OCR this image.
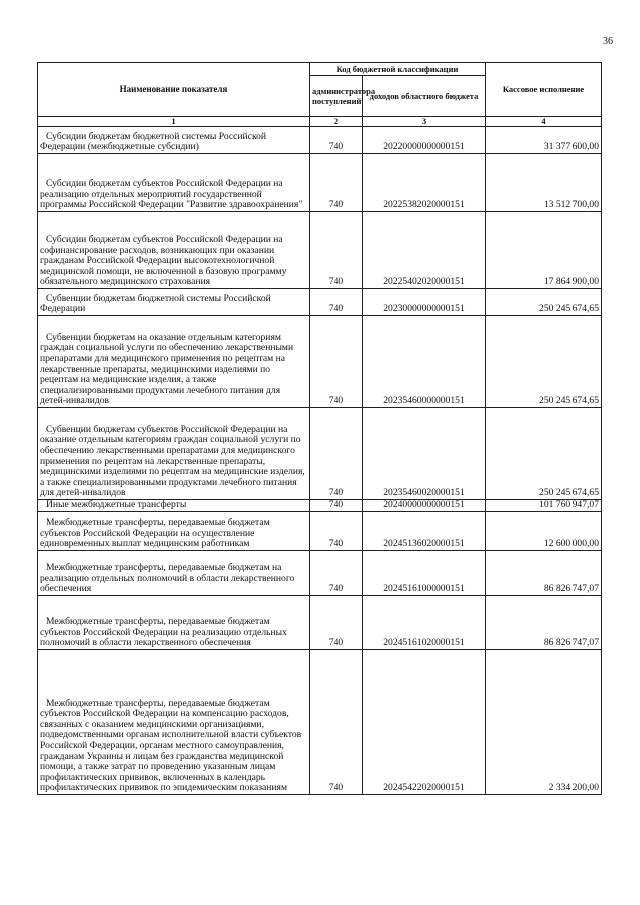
36
Наименование показателя	Код бюджетной классификации		Кассовое исполнение
	администратора поступлений	доходов областного бюджета	
1	2	3	4
Субсидии бюджетам бюджетной системы Российской Федерации (межбюджетные субсидии)	740	20220000000000151	31 377 600,00
Субсидии бюджетам субъектов Российской Федерации на реализацию отдельных мероприятий государственной программы Российской Федерации "Развитие здравоохранения"	740	20225382020000151	13 512 700,00
Субсидии бюджетам субъектов Российской Федерации на софинансирование расходов, возникающих при оказании гражданам Российской Федерации высокотехнологичной медицинской помощи, не включенной в базовую программу обязательного медицинского страхования	740	20225402020000151	17 864 900,00
Субвенции бюджетам бюджетной системы Российской Федерации	740	20230000000000151	250 245 674,65
Субвенции бюджетам на оказание отдельным категориям граждан социальной услуги по обеспечению лекарственными препаратами для медицинского применения по рецептам на лекарственные препараты, медицинскими изделиями по рецептам на медицинские изделия, а также специализированными продуктами лечебного питания для детей-инвалидов	740	20235460000000151	250 245 674,65
Субвенции бюджетам субъектов Российской Федерации на оказание отдельным категориям граждан социальной услуги по обеспечению лекарственными препаратами для медицинского применения по рецептам на лекарственные препараты, медицинскими изделиями по рецептам на медицинские изделия, а также специализированными продуктами лечебного питания для детей-инвалидов	740	20235460020000151	250 245 674,65
Иные межбюджетные трансферты	740	20240000000000151	101 760 947,07
Межбюджетные трансферты, передаваемые бюджетам субъектов Российской Федерации на осуществление единовременных выплат медицинским работникам	740	20245136020000151	12 600 000,00
Межбюджетные трансферты, передаваемые бюджетам на реализацию отдельных полномочий в области лекарственного обеспечения	740	20245161000000151	86 826 747,07
Межбюджетные трансферты, передаваемые бюджетам субъектов Российской Федерации на реализацию отдельных полномочий в области лекарственного обеспечения	740	20245161020000151	86 826 747,07
Межбюджетные трансферты, передаваемые бюджетам субъектов Российской Федерации на компенсацию расходов, связанных с оказанием медицинскими организациями, подведомственными органам исполнительной власти субъектов Российской Федерации, органам местного самоуправления, гражданам Украины и лицам без гражданства медицинской помощи, а также затрат по проведению указанным лицам профилактических прививок, включенных в календарь профилактических прививок по эпидемическим показаниям	740	20245422020000151	2 334 200,00
